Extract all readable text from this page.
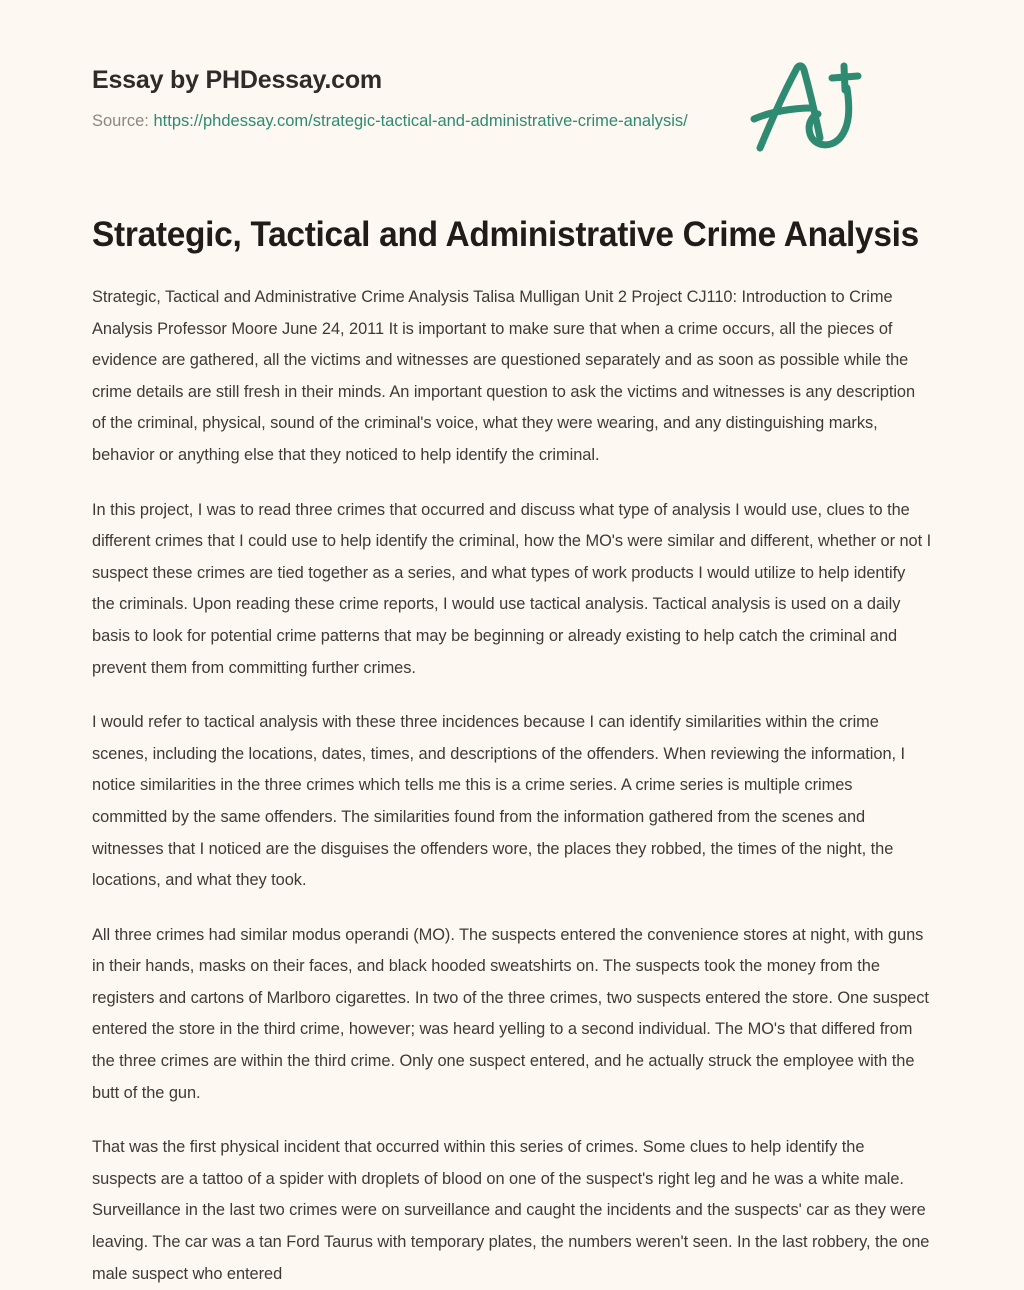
Essay by PHDessay.com
Source: https://phdessay.com/strategic-tactical-and-administrative-crime-analysis/
Strategic, Tactical and Administrative Crime Analysis

Strategic, Tactical and Administrative Crime Analysis Talisa Mulligan Unit 2 Project CJ110: Introduction to Crime Analysis Professor Moore June 24, 2011 It is important to make sure that when a crime occurs, all the pieces of evidence are gathered, all the victims and witnesses are questioned separately and as soon as possible while the crime details are still fresh in their minds. An important question to ask the victims and witnesses is any description of the criminal, physical, sound of the criminal's voice, what they were wearing, and any distinguishing marks, behavior or anything else that they noticed to help identify the criminal.

In this project, I was to read three crimes that occurred and discuss what type of analysis I would use, clues to the different crimes that I could use to help identify the criminal, how the MO's were similar and different, whether or not I suspect these crimes are tied together as a series, and what types of work products I would utilize to help identify the criminals. Upon reading these crime reports, I would use tactical analysis. Tactical analysis is used on a daily basis to look for potential crime patterns that may be beginning or already existing to help catch the criminal and prevent them from committing further crimes.

I would refer to tactical analysis with these three incidences because I can identify similarities within the crime scenes, including the locations, dates, times, and descriptions of the offenders. When reviewing the information, I notice similarities in the three crimes which tells me this is a crime series. A crime series is multiple crimes committed by the same offenders. The similarities found from the information gathered from the scenes and witnesses that I noticed are the disguises the offenders wore, the places they robbed, the times of the night, the locations, and what they took.

All three crimes had similar modus operandi (MO). The suspects entered the convenience stores at night, with guns in their hands, masks on their faces, and black hooded sweatshirts on. The suspects took the money from the registers and cartons of Marlboro cigarettes. In two of the three crimes, two suspects entered the store. One suspect entered the store in the third crime, however; was heard yelling to a second individual. The MO's that differed from the three crimes are within the third crime. Only one suspect entered, and he actually struck the employee with the butt of the gun.

That was the first physical incident that occurred within this series of crimes. Some clues to help identify the suspects are a tattoo of a spider with droplets of blood on one of the suspect's right leg and he was a white male. Surveillance in the last two crimes were on surveillance and caught the incidents and the suspects' car as they were leaving. The car was a tan Ford Taurus with temporary plates, the numbers weren't seen. In the last robbery, the one male suspect who entered
